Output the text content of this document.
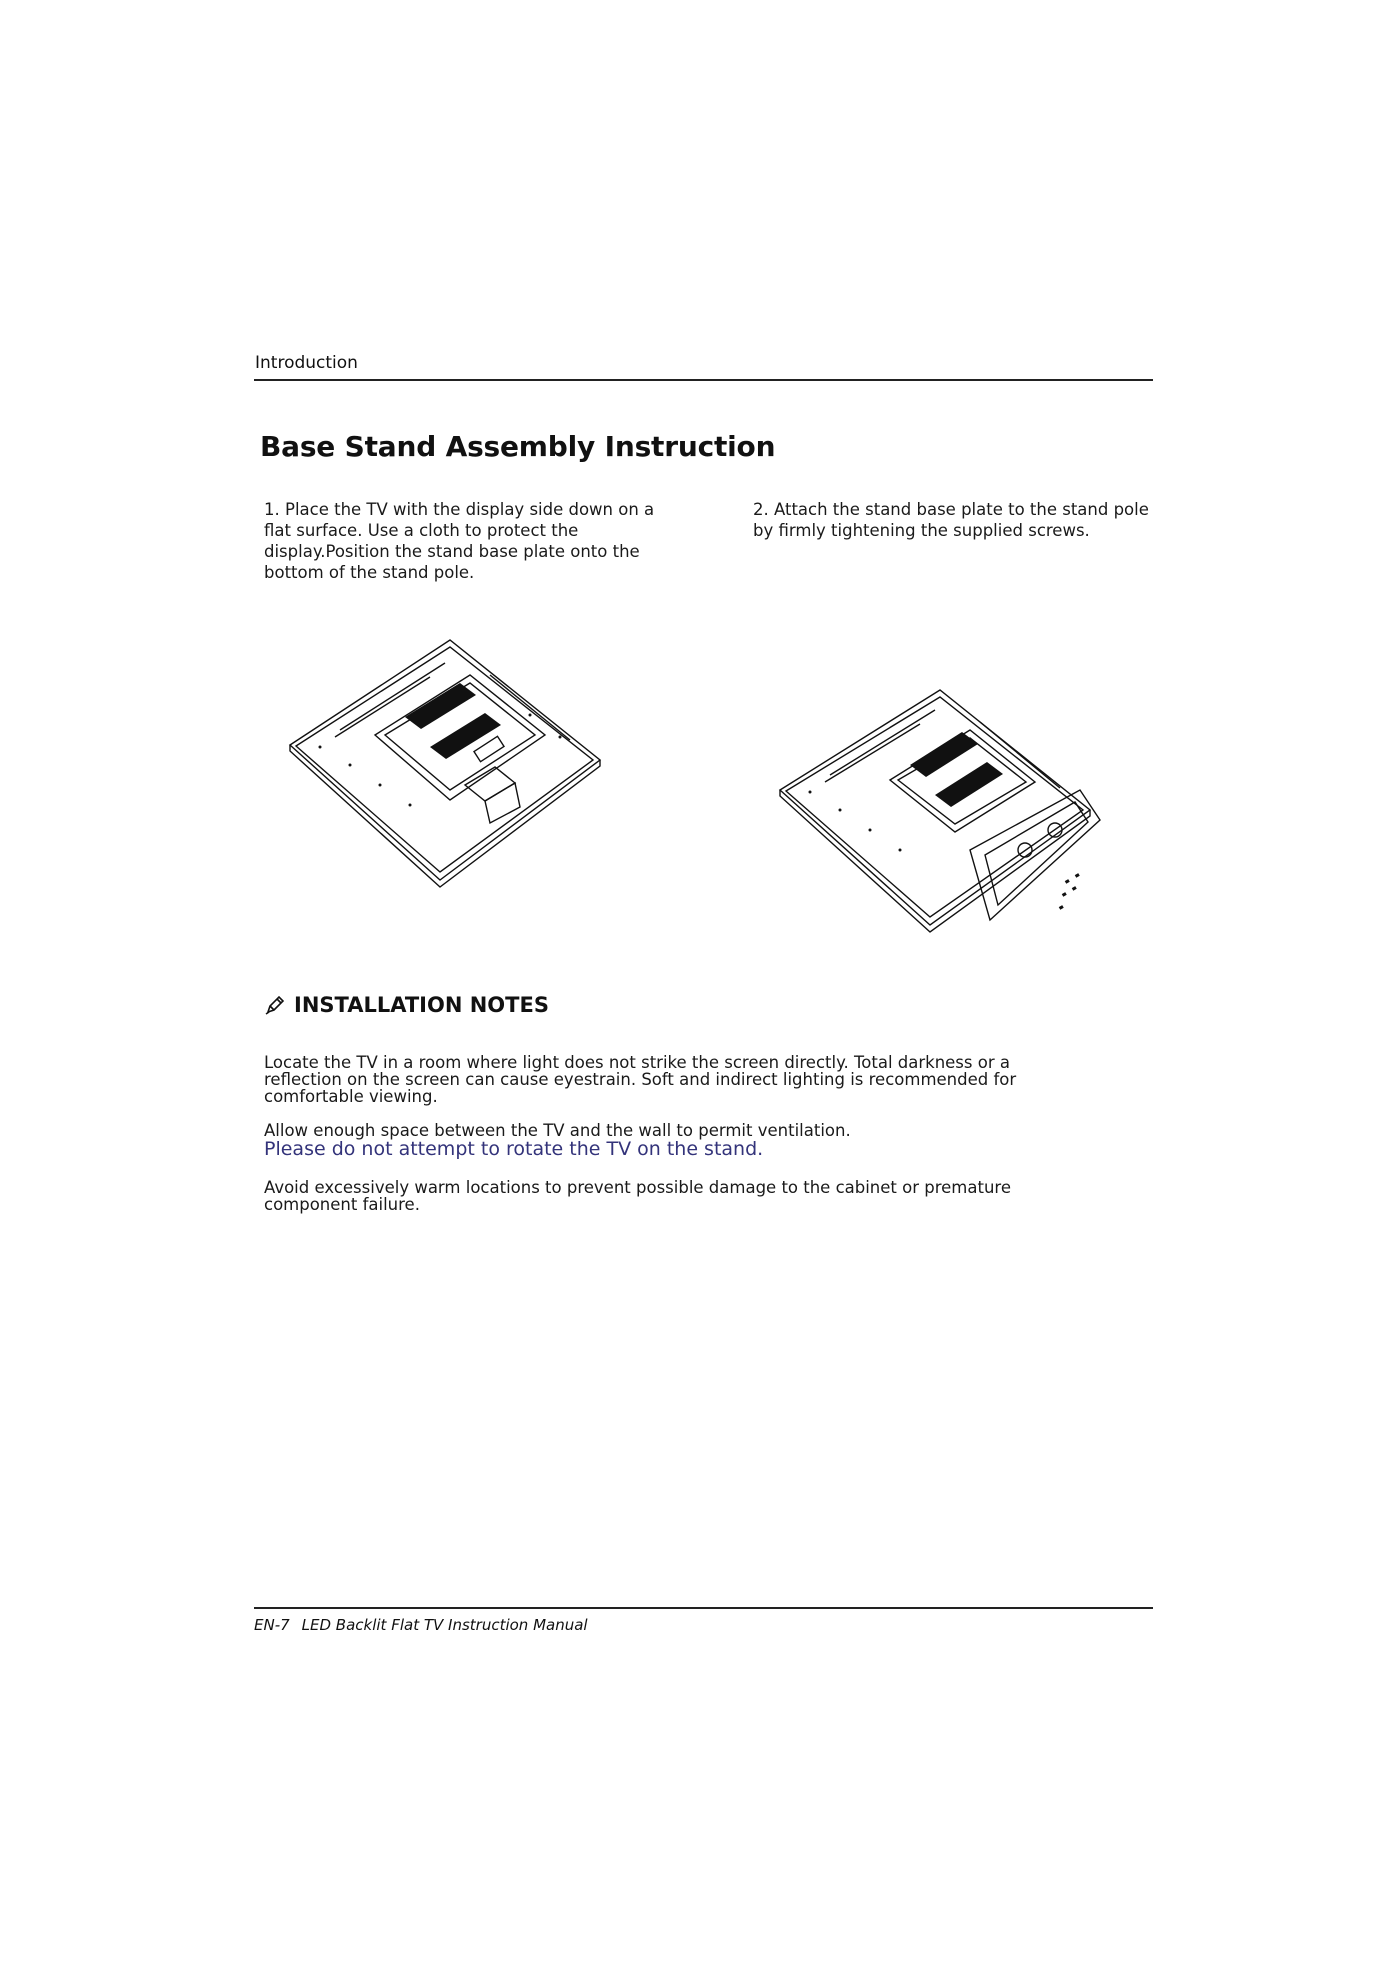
Introduction
Base Stand Assembly Instruction
1. Place the TV with the display side down on a flat surface. Use a cloth to protect the display.Position the stand base plate onto the bottom of the stand pole.
2. Attach the stand base plate to the stand pole by firmly tightening the supplied screws.
INSTALLATION NOTES
Locate the TV in a room where light does not strike the screen directly. Total darkness or a reflection on the screen can cause eyestrain. Soft and indirect lighting is recommended for comfortable viewing.
Allow enough space between the TV and the wall to permit ventilation.
Please do not attempt to rotate the TV on the stand.
Avoid excessively warm locations to prevent possible damage to the cabinet or premature component failure.
EN-7 LED Backlit Flat TV Instruction Manual
